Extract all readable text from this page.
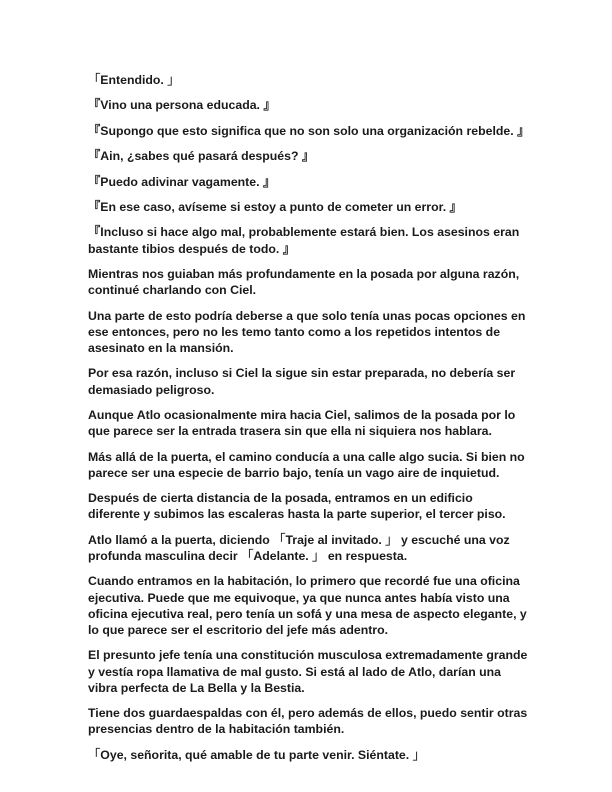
「Entendido. 」

『Vino una persona educada. 』

『Supongo que esto significa que no son solo una organización rebelde. 』

『Ain, ¿sabes qué pasará después? 』

『Puedo adivinar vagamente. 』

『En ese caso, avíseme si estoy a punto de cometer un error. 』

『Incluso si hace algo mal, probablemente estará bien. Los asesinos eran bastante tibios después de todo. 』

Mientras nos guiaban más profundamente en la posada por alguna razón, continué charlando con Ciel.

Una parte de esto podría deberse a que solo tenía unas pocas opciones en ese entonces, pero no les temo tanto como a los repetidos intentos de asesinato en la mansión.

Por esa razón, incluso si Ciel la sigue sin estar preparada, no debería ser demasiado peligroso.

Aunque Atlo ocasionalmente mira hacia Ciel, salimos de la posada por lo que parece ser la entrada trasera sin que ella ni siquiera nos hablara.

Más allá de la puerta, el camino conducía a una calle algo sucia. Si bien no parece ser una especie de barrio bajo, tenía un vago aire de inquietud.

Después de cierta distancia de la posada, entramos en un edificio diferente y subimos las escaleras hasta la parte superior, el tercer piso.

Atlo llamó a la puerta, diciendo 「Traje al invitado. 」 y escuché una voz profunda masculina decir 「Adelante. 」 en respuesta.

Cuando entramos en la habitación, lo primero que recordé fue una oficina ejecutiva. Puede que me equivoque, ya que nunca antes había visto una oficina ejecutiva real, pero tenía un sofá y una mesa de aspecto elegante, y lo que parece ser el escritorio del jefe más adentro.

El presunto jefe tenía una constitución musculosa extremadamente grande y vestía ropa llamativa de mal gusto. Si está al lado de Atlo, darían una vibra perfecta de La Bella y la Bestia.

Tiene dos guardaespaldas con él, pero además de ellos, puedo sentir otras presencias dentro de la habitación también.

「Oye, señorita, qué amable de tu parte venir. Siéntate. 」
